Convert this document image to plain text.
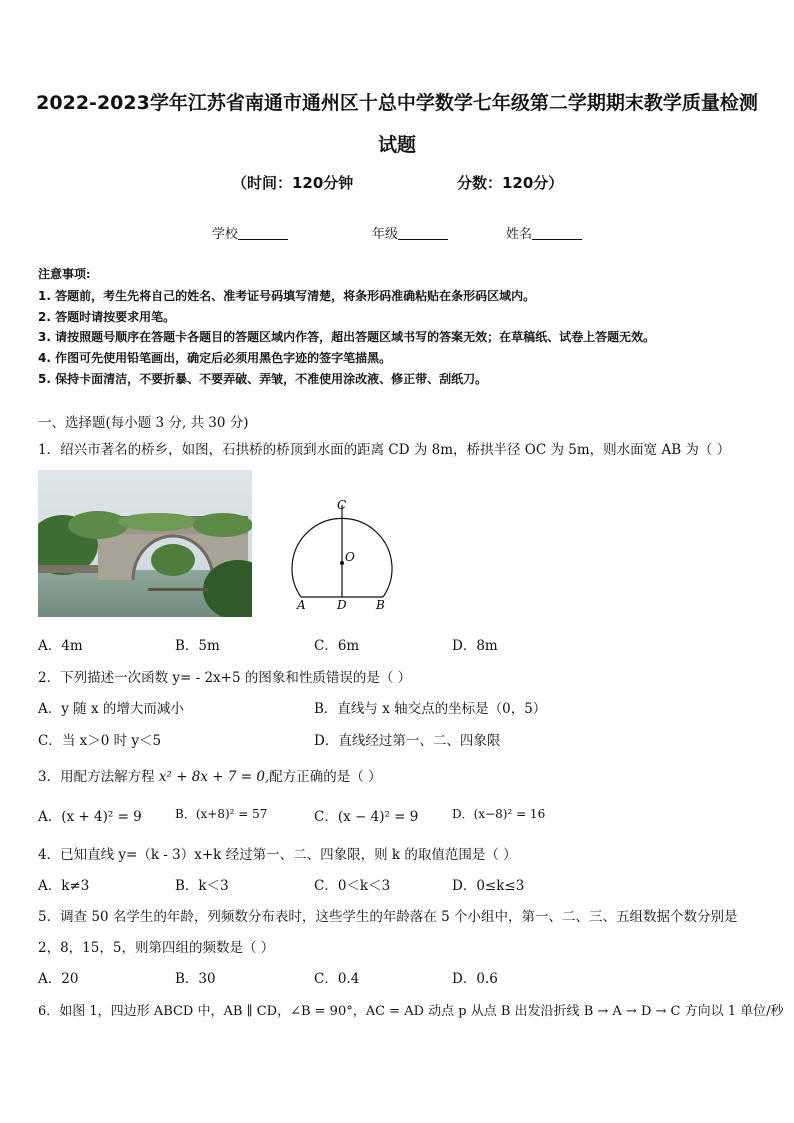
2022-2023学年江苏省南通市通州区十总中学数学七年级第二学期期末教学质量检测
试题
（时间：120分钟	分数：120分）
学校	年级	姓名
注意事项:
1. 答题前，考生先将自己的姓名、准考证号码填写清楚，将条形码准确粘贴在条形码区域内。
2. 答题时请按要求用笔。
3. 请按照题号顺序在答题卡各题目的答题区域内作答，超出答题区域书写的答案无效；在草稿纸、试卷上答题无效。
4. 作图可先使用铅笔画出，确定后必须用黑色字迹的签字笔描黑。
5. 保持卡面清洁，不要折暴、不要弄破、弄皱，不准使用涂改液、修正带、刮纸刀。
一、选择题(每小题 3 分, 共 30 分)
1．绍兴市著名的桥乡，如图，石拱桥的桥顶到水面的距离 CD 为 8m，桥拱半径 OC 为 5m，则水面宽 AB 为（ ）
C
O
A	D B
A．4m	B．5m	C．6m	D．8m
2．下列描述一次函数 y= - 2x+5 的图象和性质错误的是（ ）
A．y 随 x 的增大而减小	B．直线与 x 轴交点的坐标是（0，5）
C．当 x＞0 时 y＜5	D．直线经过第一、二、四象限
3．用配方法解方程 x² + 8x + 7 = 0,配方正确的是（ ）
A．(x + 4)² = 9	B．(x+8)² = 57	C．(x − 4)² = 9	D．(x−8)² = 16
4．已知直线 y=（k - 3）x+k 经过第一、二、四象限，则 k 的取值范围是（ ）
A．k≠3	B．k＜3	C．0＜k＜3	D．0≤k≤3
5．调查 50 名学生的年龄，列频数分布表时，这些学生的年龄落在 5 个小组中，第一、二、三、五组数据个数分别是
2，8，15，5，则第四组的频数是（ ）
A．20	B．30	C．0.4	D．0.6
6．如图 1，四边形 ABCD 中，AB ∥ CD，∠B = 90°，AC = AD 动点 p 从点 B 出发沿折线 B → A → D → C 方向以 1 单位/秒
